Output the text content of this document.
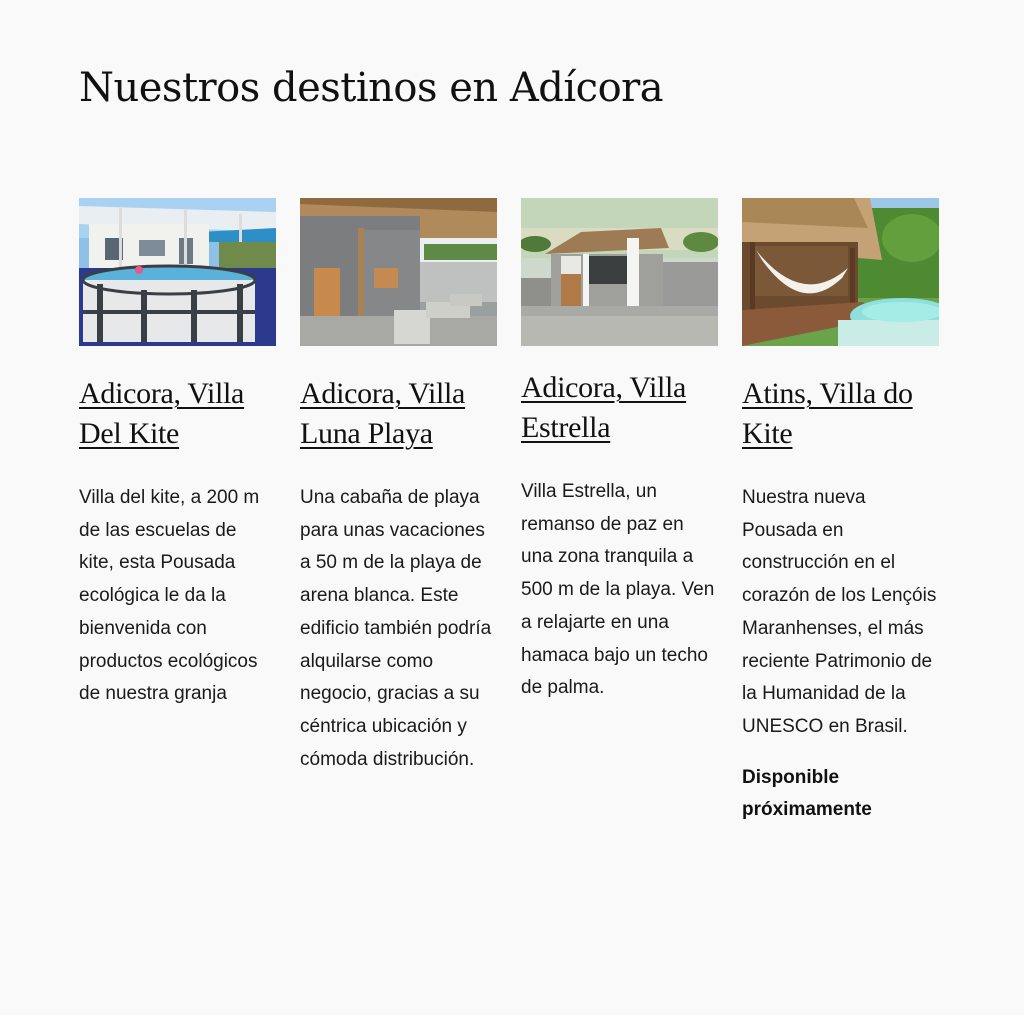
Nuestros destinos en Adícora
Adicora, Villa Del Kite

Villa del kite, a 200 m de las escuelas de kite, esta Pousada ecológica le da la bienvenida con productos ecológicos de nuestra granja

Adicora, Villa Luna Playa

Una cabaña de playa para unas vacaciones a 50 m de la playa de arena blanca. Este edificio también podría alquilarse como negocio, gracias a su céntrica ubicación y cómoda distribución.

Adicora, Villa Estrella

Villa Estrella, un remanso de paz en una zona tranquila a 500 m de la playa. Ven a relajarte en una hamaca bajo un techo de palma.

Atins, Villa do Kite

Nuestra nueva Pousada en construcción en el corazón de los Lençóis Maranhenses, el más reciente Patrimonio de la Humanidad de la UNESCO en Brasil.

Disponible próximamente
